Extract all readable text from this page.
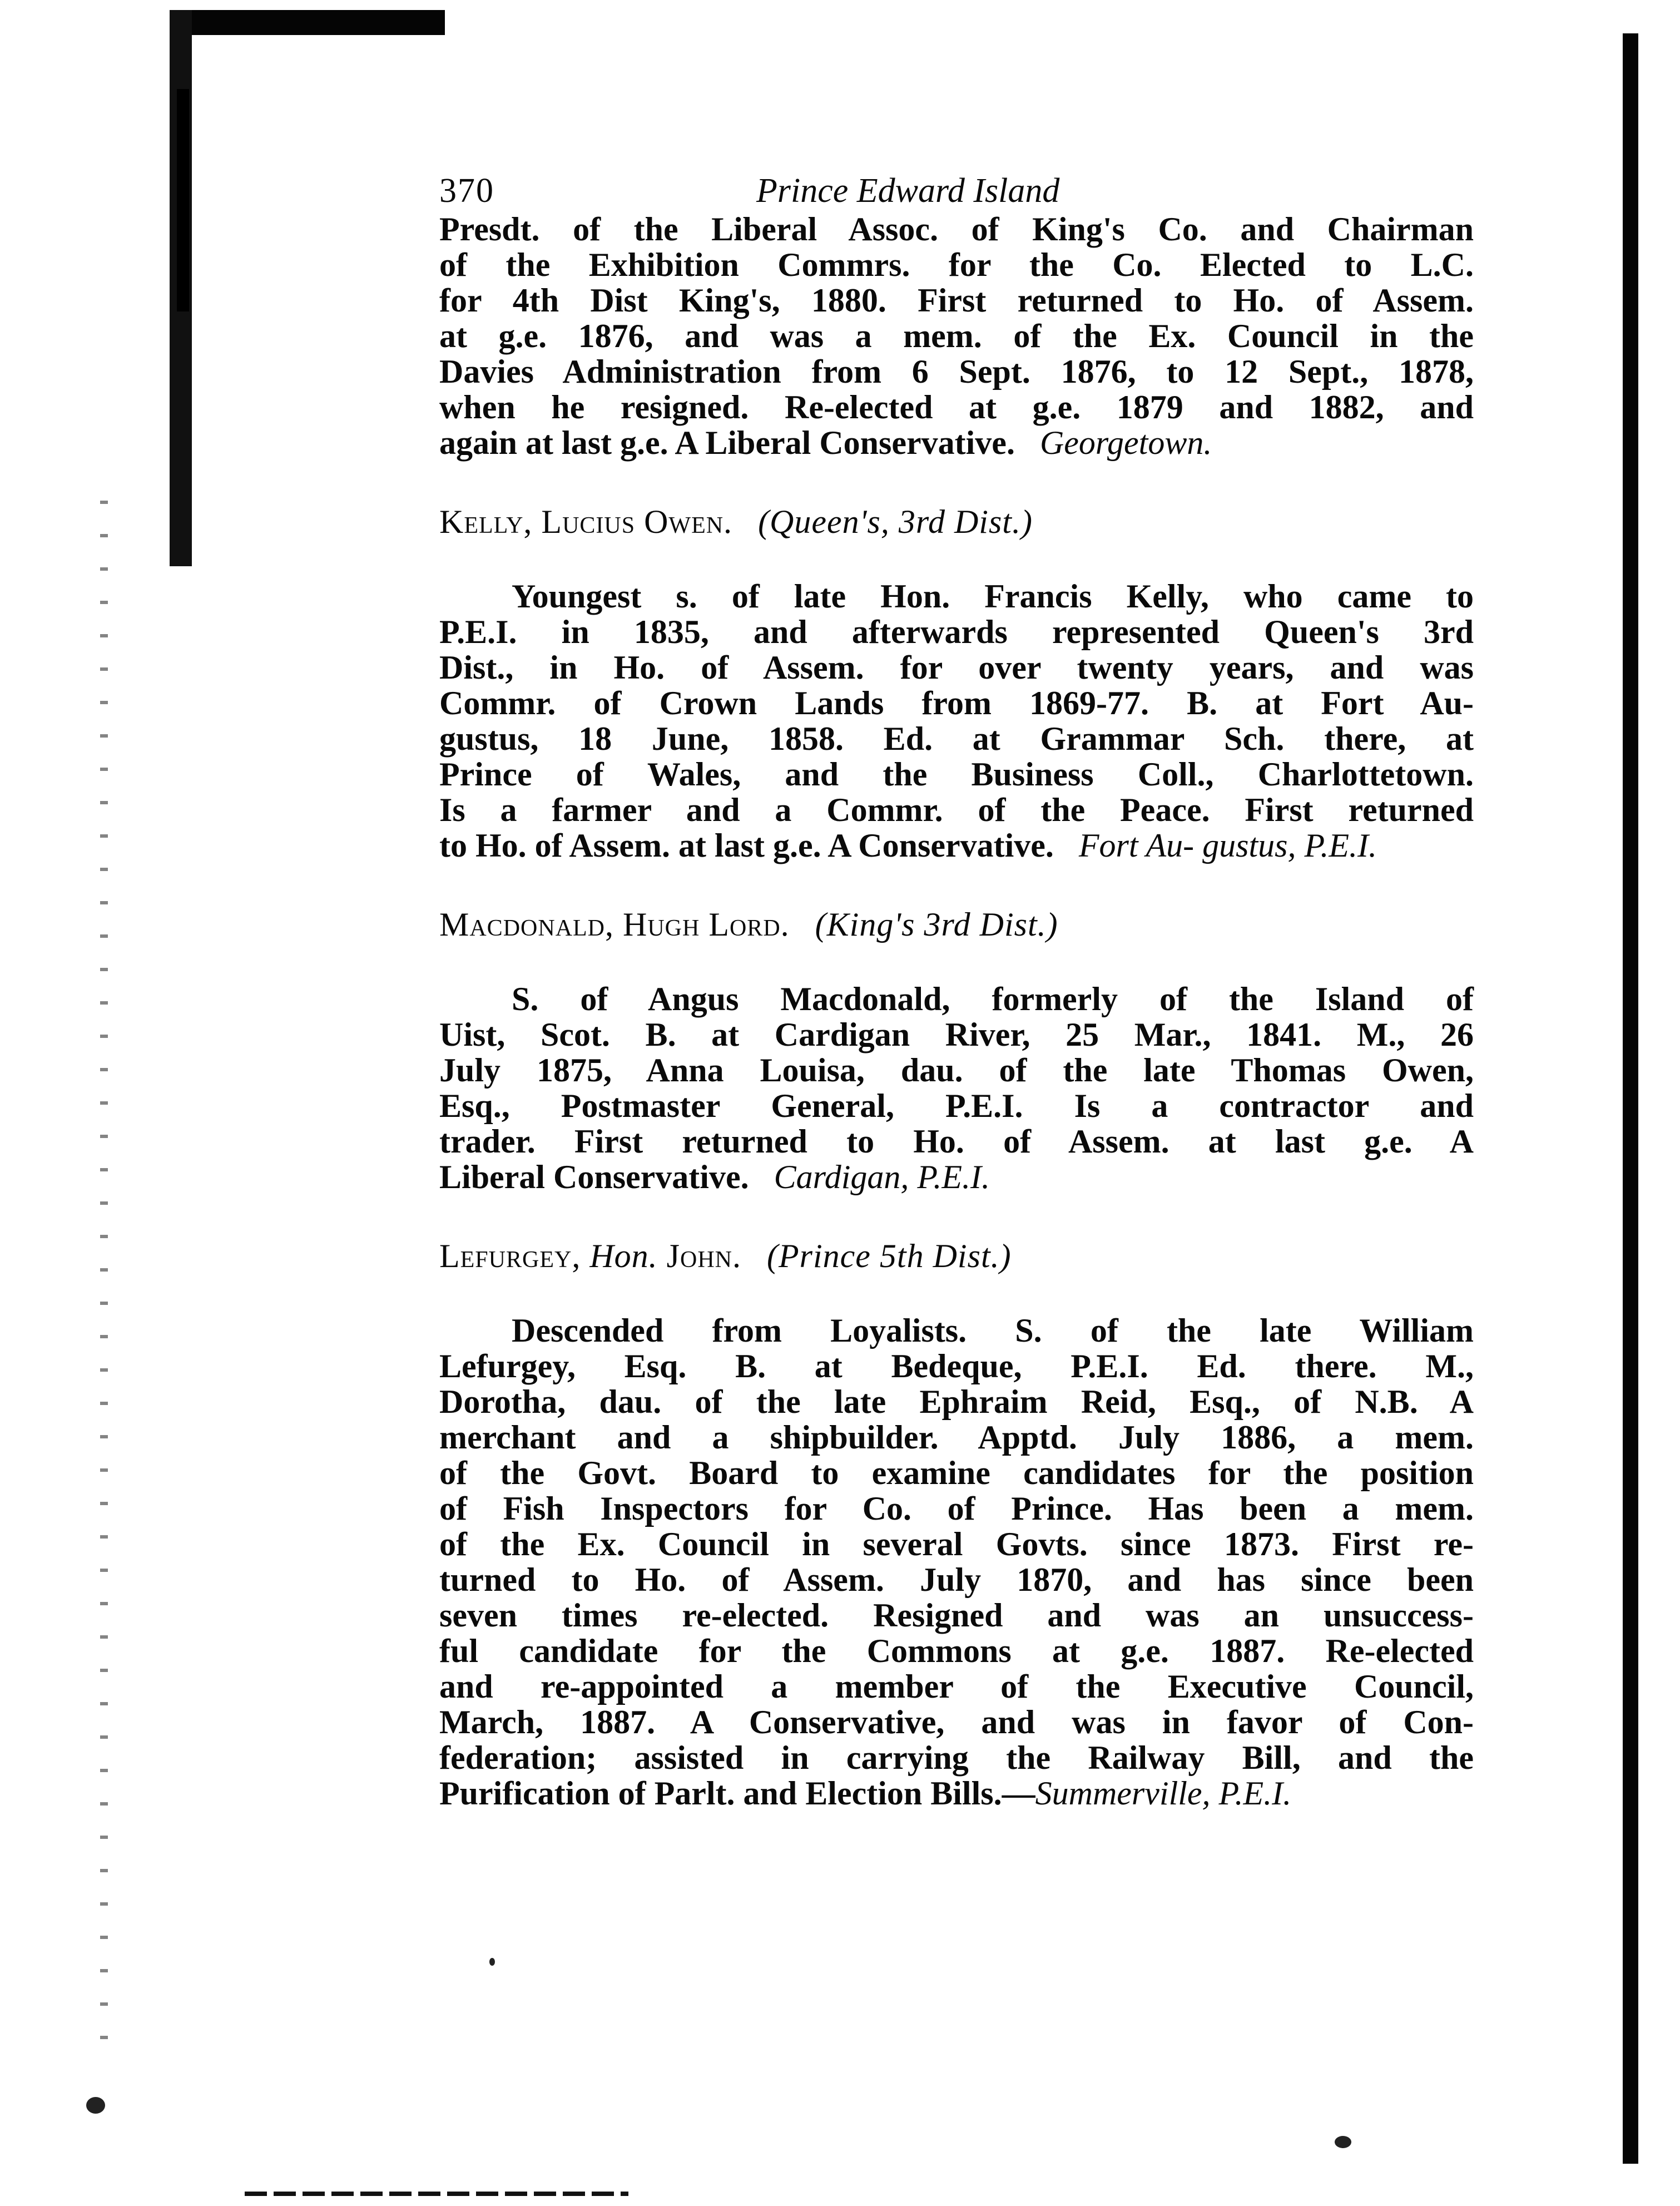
370	Prince Edward Island

Presdt. of the Liberal Assoc. of King's Co. and Chairman
of the Exhibition Commrs. for the Co. Elected to L.C.
for 4th Dist King's, 1880. First returned to Ho. of Assem.
at g.e. 1876, and was a mem. of the Ex. Council in the
Davies Administration from 6 Sept. 1876, to 12 Sept., 1878,
when he resigned. Re-elected at g.e. 1879 and 1882, and
again at last g.e. A Liberal Conservative. Georgetown.

Kelly, Lucius Owen. (Queen's, 3rd Dist.)

Youngest s. of late Hon. Francis Kelly, who came to
P.E.I. in 1835, and afterwards represented Queen's 3rd
Dist., in Ho. of Assem. for over twenty years, and was
Commr. of Crown Lands from 1869-77. B. at Fort Au-
gustus, 18 June, 1858. Ed. at Grammar Sch. there, at
Prince of Wales, and the Business Coll., Charlottetown.
Is a farmer and a Commr. of the Peace. First returned
to Ho. of Assem. at last g.e. A Conservative. Fort Au- gustus, P.E.I.

Macdonald, Hugh Lord. (King's 3rd Dist.)

S. of Angus Macdonald, formerly of the Island of
Uist, Scot. B. at Cardigan River, 25 Mar., 1841. M., 26
July 1875, Anna Louisa, dau. of the late Thomas Owen,
Esq., Postmaster General, P.E.I. Is a contractor and
trader. First returned to Ho. of Assem. at last g.e. A
Liberal Conservative. Cardigan, P.E.I.

Lefurgey, Hon. John. (Prince 5th Dist.)

Descended from Loyalists. S. of the late William
Lefurgey, Esq. B. at Bedeque, P.E.I. Ed. there. M.,
Dorotha, dau. of the late Ephraim Reid, Esq., of N.B. A
merchant and a shipbuilder. Apptd. July 1886, a mem.
of the Govt. Board to examine candidates for the position
of Fish Inspectors for Co. of Prince. Has been a mem.
of the Ex. Council in several Govts. since 1873. First re-
turned to Ho. of Assem. July 1870, and has since been
seven times re-elected. Resigned and was an unsuccess-
ful candidate for the Commons at g.e. 1887. Re-elected
and re-appointed a member of the Executive Council,
March, 1887. A Conservative, and was in favor of Con-
federation; assisted in carrying the Railway Bill, and the
Purification of Parlt. and Election Bills.—Summerville, P.E.I.
